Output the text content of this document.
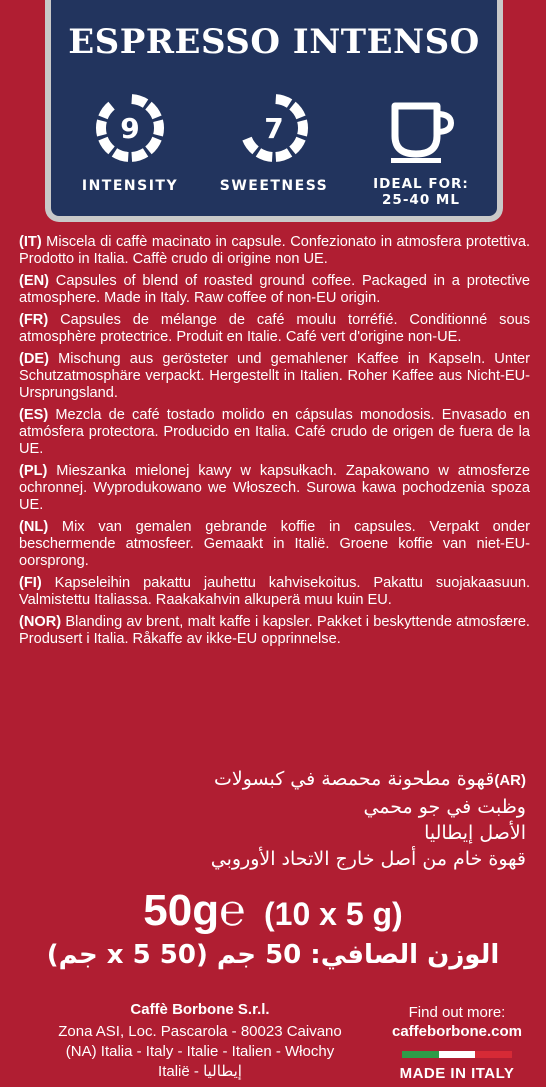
ESPRESSO INTENSO
9
INTENSITY
7
SWEETNESS	IDEAL FOR:
25-40 ML

(IT) Miscela di caffè macinato in capsule. Confezionato in atmosfera protettiva. Prodotto in Italia. Caffè crudo di origine non UE.

(EN) Capsules of blend of roasted ground coffee. Packaged in a protective atmosphere. Made in Italy. Raw coffee of non-EU origin.

(FR) Capsules de mélange de café moulu torréfié. Conditionné sous atmosphère protectrice. Produit en Italie. Café vert d'origine non-UE.

(DE) Mischung aus gerösteter und gemahlener Kaffee in Kapseln. Unter Schutzatmosphäre verpackt. Hergestellt in Italien. Roher Kaffee aus Nicht-EU-Ursprungsland.

(ES) Mezcla de café tostado molido en cápsulas monodosis. Envasado en atmósfera protectora. Producido en Italia. Café crudo de origen de fuera de la UE.

(PL) Mieszanka mielonej kawy w kapsułkach. Zapakowano w atmosferze ochronnej. Wyprodukowano we Włoszech. Surowa kawa pochodzenia spoza UE.

(NL) Mix van gemalen gebrande koffie in capsules. Verpakt onder beschermende atmosfeer. Gemaakt in Italië. Groene koffie van niet-EU-oorsprong.

(FI) Kapseleihin pakattu jauhettu kahvisekoitus. Pakattu suojakaasuun. Valmistettu Italiassa. Raakakahvin alkuperä muu kuin EU.

(NOR) Blanding av brent, malt kaffe i kapsler. Pakket i beskyttende atmosfære. Produsert i Italia. Råkaffe av ikke-EU opprinnelse.

(AR)قهوة مطحونة محمصة في كبسولات
وظبت في جو محمي
الأصل إيطاليا
قهوة خام من أصل خارج الاتحاد الأوروبي
50g℮ (10 x 5 g)
الوزن الصافي: 50 جم (50 x 5 جم)
Caffè Borbone S.r.l.
Zona ASI, Loc. Pascarola - 80023 Caivano
(NA) Italia - Italy - Italie - Italien - Włochy
Italië - إيطاليا
Find out more:
caffeborbone.com
MADE IN ITALY
